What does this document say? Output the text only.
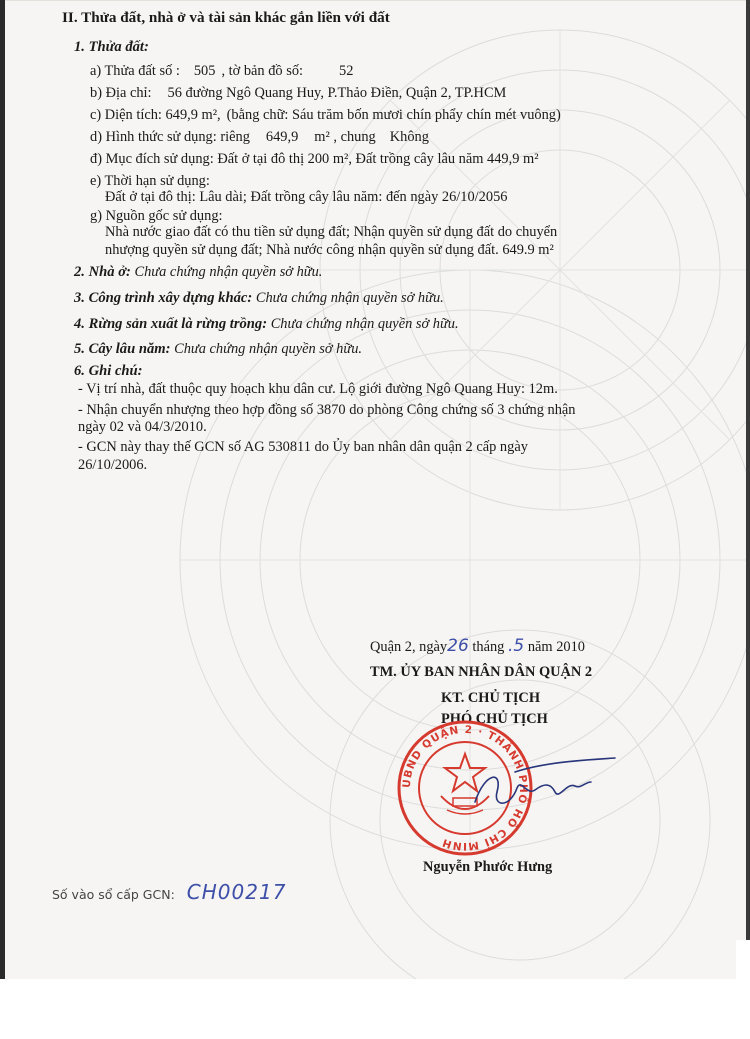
II. Thửa đất, nhà ở và tài sản khác gắn liền với đất
1. Thửa đất:
a) Thửa đất số : 505 , tờ bản đồ số:	52
b) Địa chỉ: 56 đường Ngô Quang Huy, P.Thảo Điền, Quận 2, TP.HCM
c) Diện tích: 649,9 m², (bằng chữ: Sáu trăm bốn mươi chín phẩy chín mét vuông)
d) Hình thức sử dụng: riêng 649,9 m² , chung Không
đ) Mục đích sử dụng: Đất ở tại đô thị 200 m², Đất trồng cây lâu năm 449,9 m²
e) Thời hạn sử dụng:
Đất ở tại đô thị: Lâu dài; Đất trồng cây lâu năm: đến ngày 26/10/2056
g) Nguồn gốc sử dụng:
Nhà nước giao đất có thu tiền sử dụng đất; Nhận quyền sử dụng đất do chuyển
nhượng quyền sử dụng đất; Nhà nước công nhận quyền sử dụng đất. 649.9 m²
2. Nhà ở: Chưa chứng nhận quyền sở hữu.
3. Công trình xây dựng khác: Chưa chứng nhận quyền sở hữu.
4. Rừng sản xuất là rừng trồng: Chưa chứng nhận quyền sở hữu.
5. Cây lâu năm: Chưa chứng nhận quyền sở hữu.
6. Ghi chú:
- Vị trí nhà, đất thuộc quy hoạch khu dân cư. Lộ giới đường Ngô Quang Huy: 12m.
- Nhận chuyển nhượng theo hợp đồng số 3870 do phòng Công chứng số 3 chứng nhận
ngày 02 và 04/3/2010.
- GCN này thay thế GCN số AG 530811 do Ủy ban nhân dân quận 2 cấp ngày
26/10/2006.
Quận 2, ngày26 tháng .5 năm 2010
TM. ỦY BAN NHÂN DÂN QUẬN 2
KT. CHỦ TỊCH
PHÓ CHỦ TỊCH
UBND QUẬN 2 · THÀNH PHỐ HỒ CHÍ MINH
Nguyễn Phước Hưng
Số vào sổ cấp GCN: CH00217
